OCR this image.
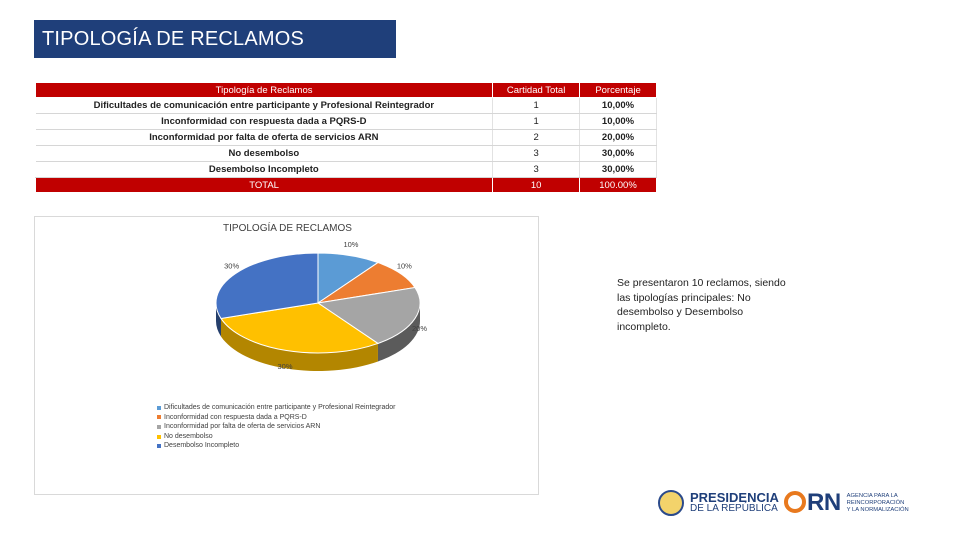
TIPOLOGÍA DE RECLAMOS
Tipología de Reclamos	Cartidad Total	Porcentaje
Dificultades de comunicación entre participante y Profesional Reintegrador	1	10,00%
Inconformidad con respuesta dada a PQRS-D	1	10,00%
Inconformidad por falta de oferta de servicios ARN	2	20,00%
No desembolso	3	30,00%
Desembolso Incompleto	3	30,00%
TOTAL	10	100.00%
TIPOLOGÍA DE RECLAMOS
10%
10%
20%
30%
30%
Dificultades de comunicación entre participante y Profesional Reintegrador
Inconformidad con respuesta dada a PQRS-D
Inconformidad por falta de oferta de servicios ARN
No desembolso
Desembolso Incompleto
Se presentaron 10 reclamos, siendo las tipologías principales: No desembolso y Desembolso incompleto.
PRESIDENCIA
DE LA REPÚBLICA	RN AGENCIA PARA LA
REINCORPORACIÓN
Y LA NORMALIZACIÓN
